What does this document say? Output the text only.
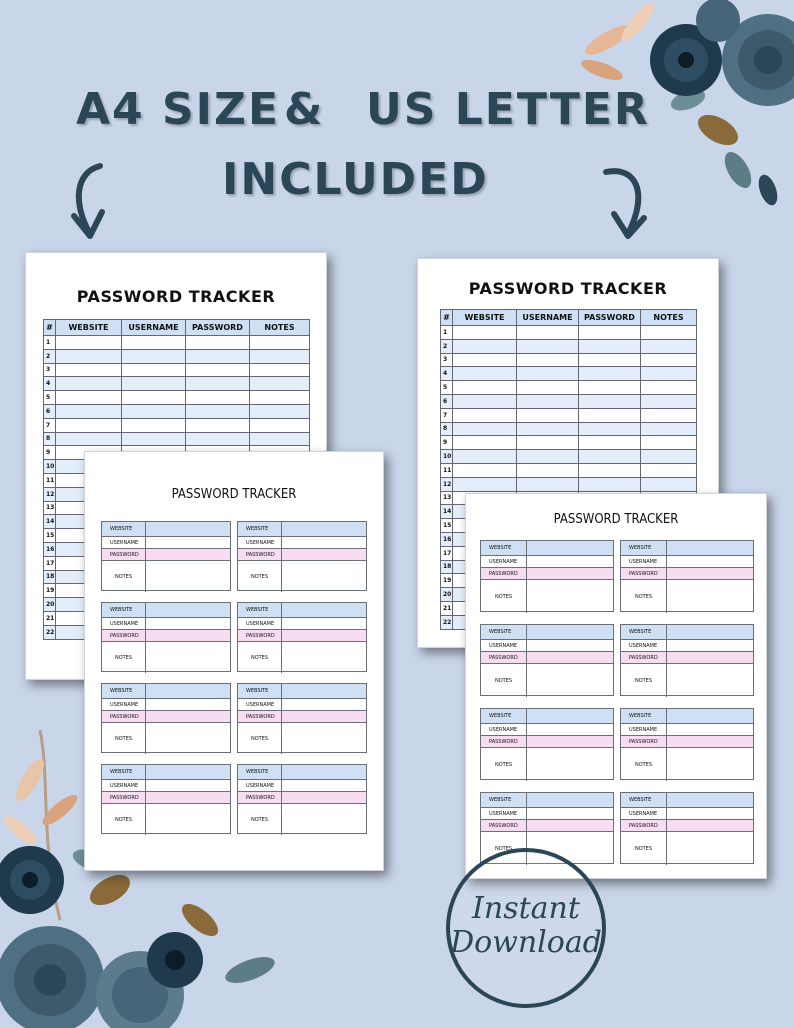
A4 SIZE & US LETTER
INCLUDED
PASSWORD TRACKER
#	WEBSITE	USERNAME	PASSWORD	NOTES
1				
2				
3				
4				
5				
6				
7				
8				
9				
10				
11				
12				
13				
14				
15				
16				
17				
18				
19				
20				
21				
22				
PASSWORD TRACKER
#	WEBSITE	USERNAME	PASSWORD	NOTES
1				
2				
3				
4				
5				
6				
7				
8				
9				
10				
11				
12				
13				
14				
15				
16				
17				
18				
19				
20				
21				
22				
PASSWORD TRACKER
WEBSITE
USERNAME
PASSWORD
NOTES
WEBSITE
USERNAME
PASSWORD
NOTES
WEBSITE
USERNAME
PASSWORD
NOTES
WEBSITE
USERNAME
PASSWORD
NOTES
WEBSITE
USERNAME
PASSWORD
NOTES
WEBSITE
USERNAME
PASSWORD
NOTES
WEBSITE
USERNAME
PASSWORD
NOTES
WEBSITE
USERNAME
PASSWORD
NOTES
PASSWORD TRACKER
WEBSITE
USERNAME
PASSWORD
NOTES
WEBSITE
USERNAME
PASSWORD
NOTES
WEBSITE
USERNAME
PASSWORD
NOTES
WEBSITE
USERNAME
PASSWORD
NOTES
WEBSITE
USERNAME
PASSWORD
NOTES
WEBSITE
USERNAME
PASSWORD
NOTES
WEBSITE
USERNAME
PASSWORD
NOTES
WEBSITE
USERNAME
PASSWORD
NOTES
Instant
Download
